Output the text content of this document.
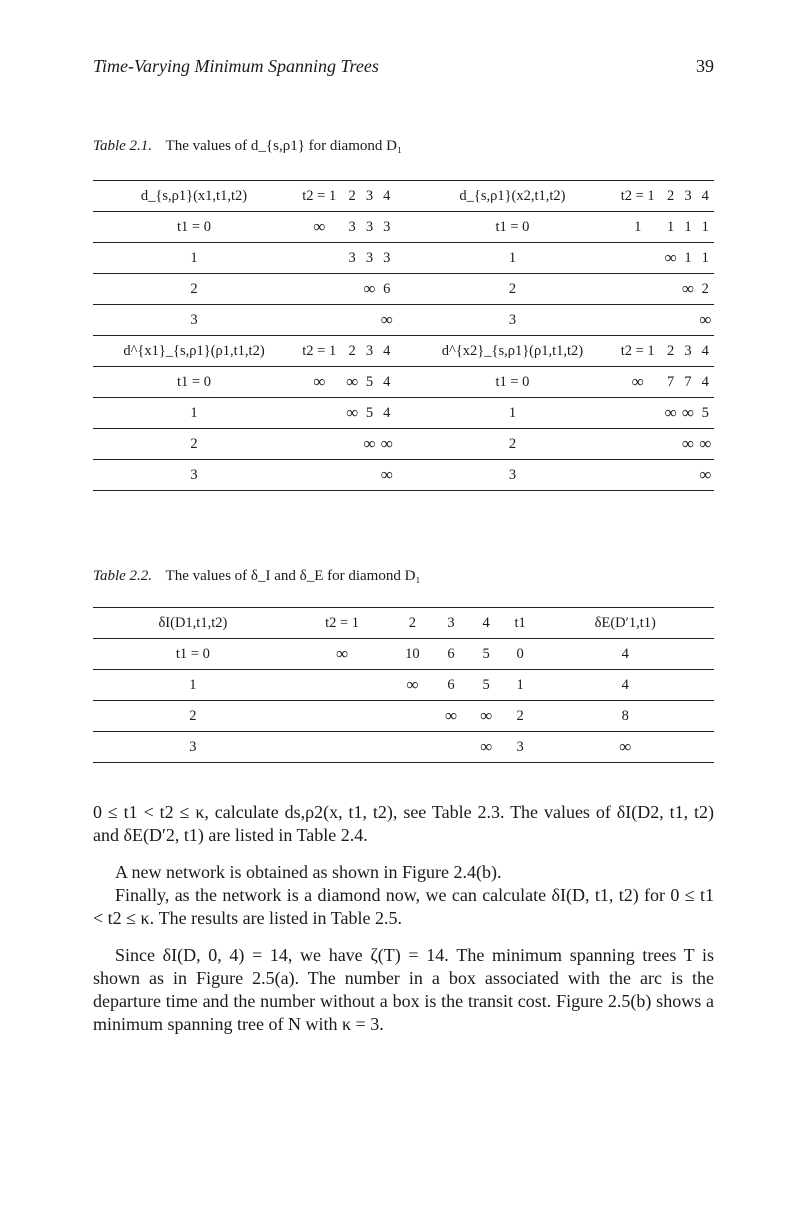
Time-Varying Minimum Spanning Trees	39
Table 2.1. The values of d_{s,ρ1} for diamond D₁
d_{s,ρ1}(x1,t1,t2)	t2 = 1	2	3	4		d_{s,ρ1}(x2,t1,t2)	t2 = 1	2	3	4
t1 = 0	∞	3	3	3		t1 = 0	1	1	1	1
1		3	3	3		1		∞	1	1
2			∞	6		2			∞	2
3				∞		3				∞
d^{x1}_{s,ρ1}(ρ1,t1,t2)	t2 = 1	2	3	4		d^{x2}_{s,ρ1}(ρ1,t1,t2)	t2 = 1	2	3	4
t1 = 0	∞	∞	5	4		t1 = 0	∞	7	7	4
1		∞	5	4		1		∞	∞	5
2			∞	∞		2			∞	∞
3				∞		3				∞
Table 2.2. The values of δ_I and δ_E for diamond D₁
δI(D1,t1,t2)	t2 = 1	2	3	4	t1	δE(D′1,t1)
t1 = 0	∞	10	6	5	0	4
1		∞	6	5	1	4
2			∞	∞	2	8
3				∞	3	∞

0 ≤ t1 < t2 ≤ κ, calculate ds,ρ2(x, t1, t2), see Table 2.3. The values of δI(D2, t1, t2) and δE(D′2, t1) are listed in Table 2.4.

A new network is obtained as shown in Figure 2.4(b).

Finally, as the network is a diamond now, we can calculate δI(D, t1, t2) for 0 ≤ t1 < t2 ≤ κ. The results are listed in Table 2.5.

Since δI(D, 0, 4) = 14, we have ζ(T) = 14. The minimum spanning trees T is shown as in Figure 2.5(a). The number in a box associated with the arc is the departure time and the number without a box is the transit cost. Figure 2.5(b) shows a minimum spanning tree of N with κ = 3.
